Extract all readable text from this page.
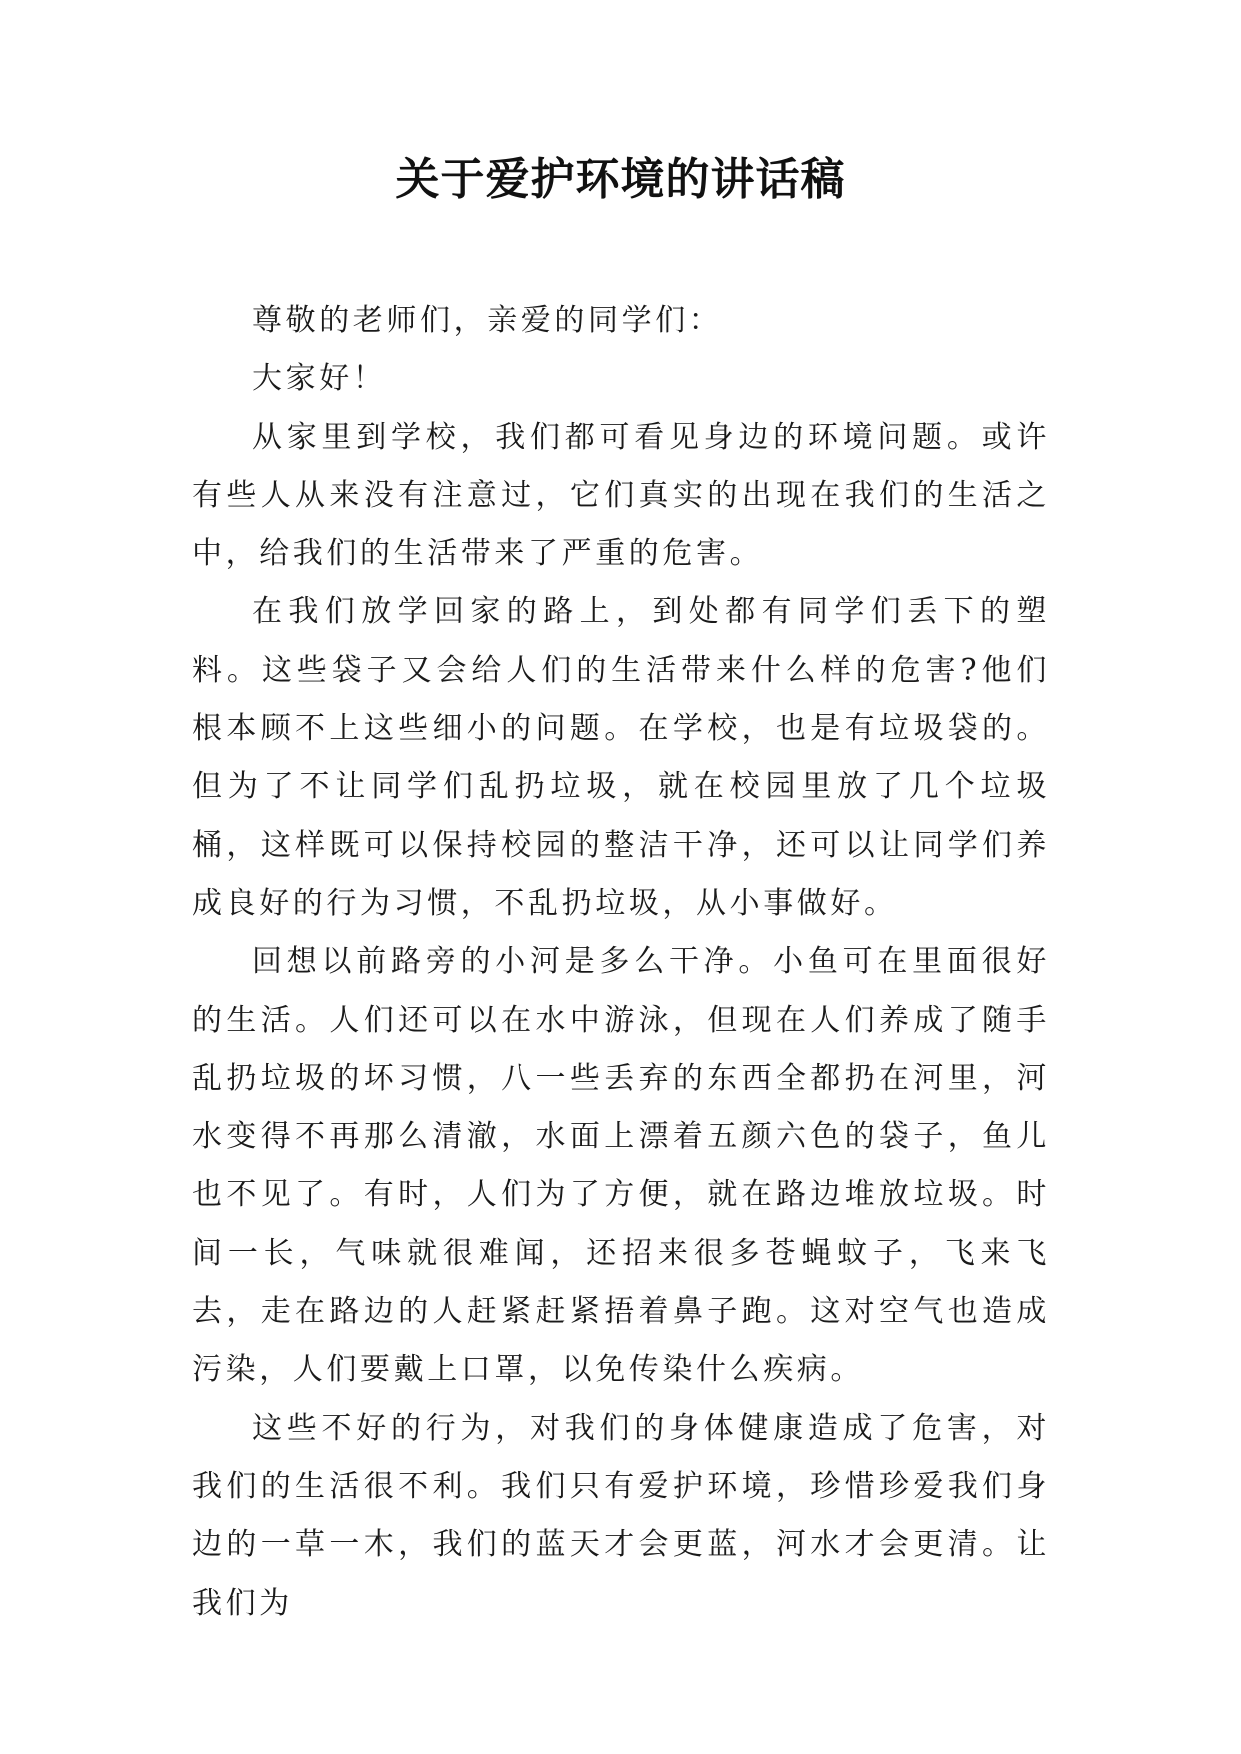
关于爱护环境的讲话稿

尊敬的老师们，亲爱的同学们：

大家好！

从家里到学校，我们都可看见身边的环境问题。或许有些人从来没有注意过，它们真实的出现在我们的生活之中，给我们的生活带来了严重的危害。

在我们放学回家的路上，到处都有同学们丢下的塑料。这些袋子又会给人们的生活带来什么样的危害?他们根本顾不上这些细小的问题。在学校，也是有垃圾袋的。但为了不让同学们乱扔垃圾，就在校园里放了几个垃圾桶，这样既可以保持校园的整洁干净，还可以让同学们养成良好的行为习惯，不乱扔垃圾，从小事做好。

回想以前路旁的小河是多么干净。小鱼可在里面很好的生活。人们还可以在水中游泳，但现在人们养成了随手乱扔垃圾的坏习惯，八一些丢弃的东西全都扔在河里，河水变得不再那么清澈，水面上漂着五颜六色的袋子，鱼儿也不见了。有时，人们为了方便，就在路边堆放垃圾。时间一长，气味就很难闻，还招来很多苍蝇蚊子，飞来飞去，走在路边的人赶紧赶紧捂着鼻子跑。这对空气也造成污染，人们要戴上口罩，以免传染什么疾病。

这些不好的行为，对我们的身体健康造成了危害，对我们的生活很不利。我们只有爱护环境，珍惜珍爱我们身边的一草一木，我们的蓝天才会更蓝，河水才会更清。让我们为
